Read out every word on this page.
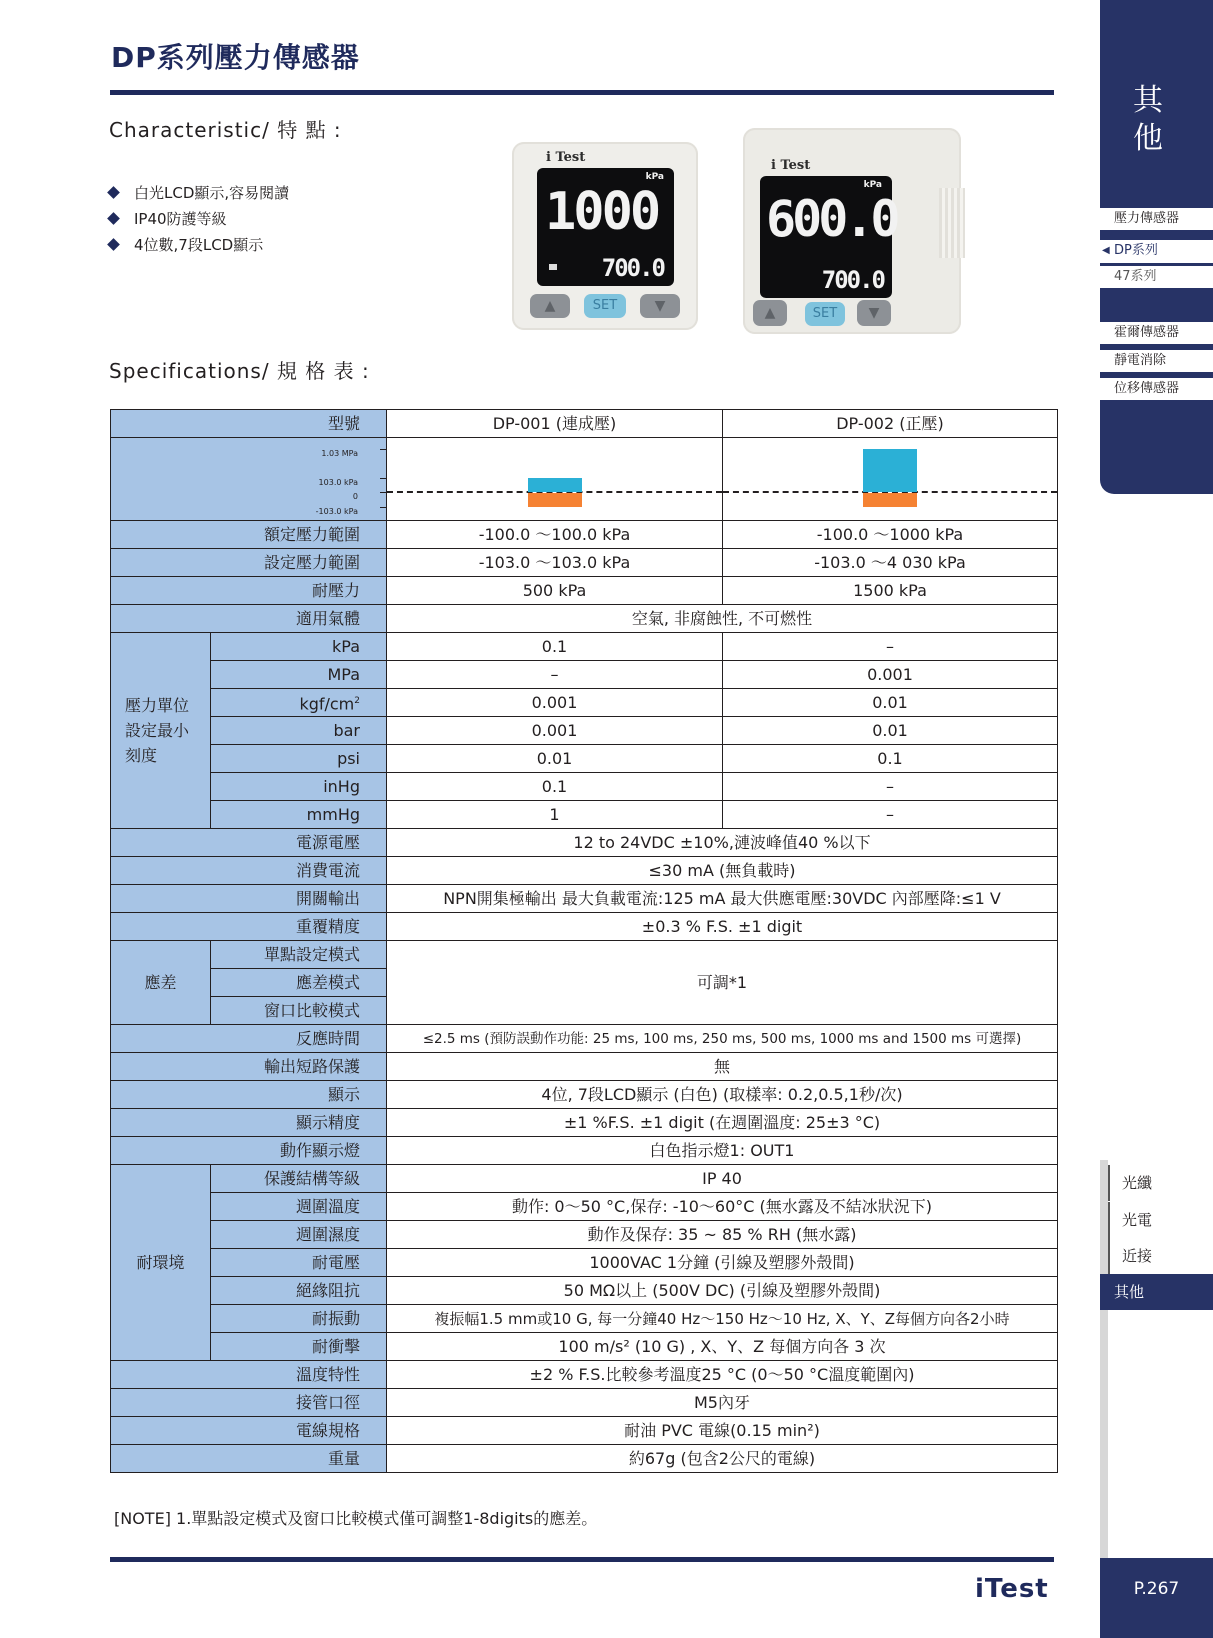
DP系列壓力傳感器
Characteristic/ 特 點 :
白光LCD顯示,容易閱讀
IP40防護等級
4位數,7段LCD顯示
i Test
kPa
1000
700.0
▲	SET	▼
i Test
kPa
600.0
700.0
▲	SET	▼
Specifications/ 規 格 表 :
型號		DP-001 (連成壓)	DP-002 (正壓)

1.03 MPa
103.0 kPa
0
-103.0 kPa			

額定壓力範圍		-100.0 ～100.0 kPa	-100.0 ～1000 kPa
設定壓力範圍		-103.0 ～103.0 kPa	-103.0 ～4 030 kPa
耐壓力		500 kPa	1500 kPa
適用氣體		空氣, 非腐蝕性, 不可燃性	
壓力單位
設定最小
刻度	kPa	0.1	–
	MPa	–	0.001
	kgf/$cm^2$	0.001	0.01
	bar	0.001	0.01
	psi	0.01	0.1
	inHg	0.1	–
	mmHg	1	–
電源電壓		12 to 24VDC ±10%,漣波峰值40 %以下	
消費電流		≤30 mA (無負載時)	
開關輸出		NPN開集極輸出 最大負載電流:125 mA 最大供應電壓:30VDC 內部壓降:≤1 V	
重覆精度		±0.3 % F.S. ±1 digit	
應差	單點設定模式	可調*1	
	應差模式		
	窗口比較模式		
反應時間		≤2.5 ms (預防誤動作功能: 25 ms, 100 ms, 250 ms, 500 ms, 1000 ms and 1500 ms 可選擇)	
輸出短路保護		無	
顯示		4位, 7段LCD顯示 (白色) (取樣率: 0.2,0.5,1秒/次)	
顯示精度		±1 %F.S. ±1 digit (在週圍溫度: 25±3 °C)	
動作顯示燈		白色指示燈1: OUT1	
耐環境	保護結構等級	IP 40	
	週圍溫度	動作: 0～50 °C,保存: -10～60°C (無水露及不結冰狀況下)	
	週圍濕度	動作及保存: 35 ~ 85 % RH (無水露)	
	耐電壓	1000VAC 1分鐘 (引線及塑膠外殼間)	
	絕緣阻抗	50 MΩ以上 (500V DC) (引線及塑膠外殼間)	
	耐振動	複振幅1.5 mm或10 G, 每一分鐘40 Hz～150 Hz～10 Hz, X、Y、Z每個方向各2小時	
	耐衝擊	100 m/s² (10 G) , X、Y、Z 每個方向各 3 次	
溫度特性		±2 % F.S.比較參考溫度25 °C (0～50 °C溫度範圍內)	
接管口徑		M5內牙	
電線規格		耐油 PVC 電線(0.15 min²)	
重量		約67g (包含2公尺的電線)	
[NOTE] 1.單點設定模式及窗口比較模式僅可調整1-8digits的應差。
iTest
其
他
壓力傳感器
◀ DP系列
47系列
霍爾傳感器
靜電消除
位移傳感器
光纖
光電
近接
其他
P.267
